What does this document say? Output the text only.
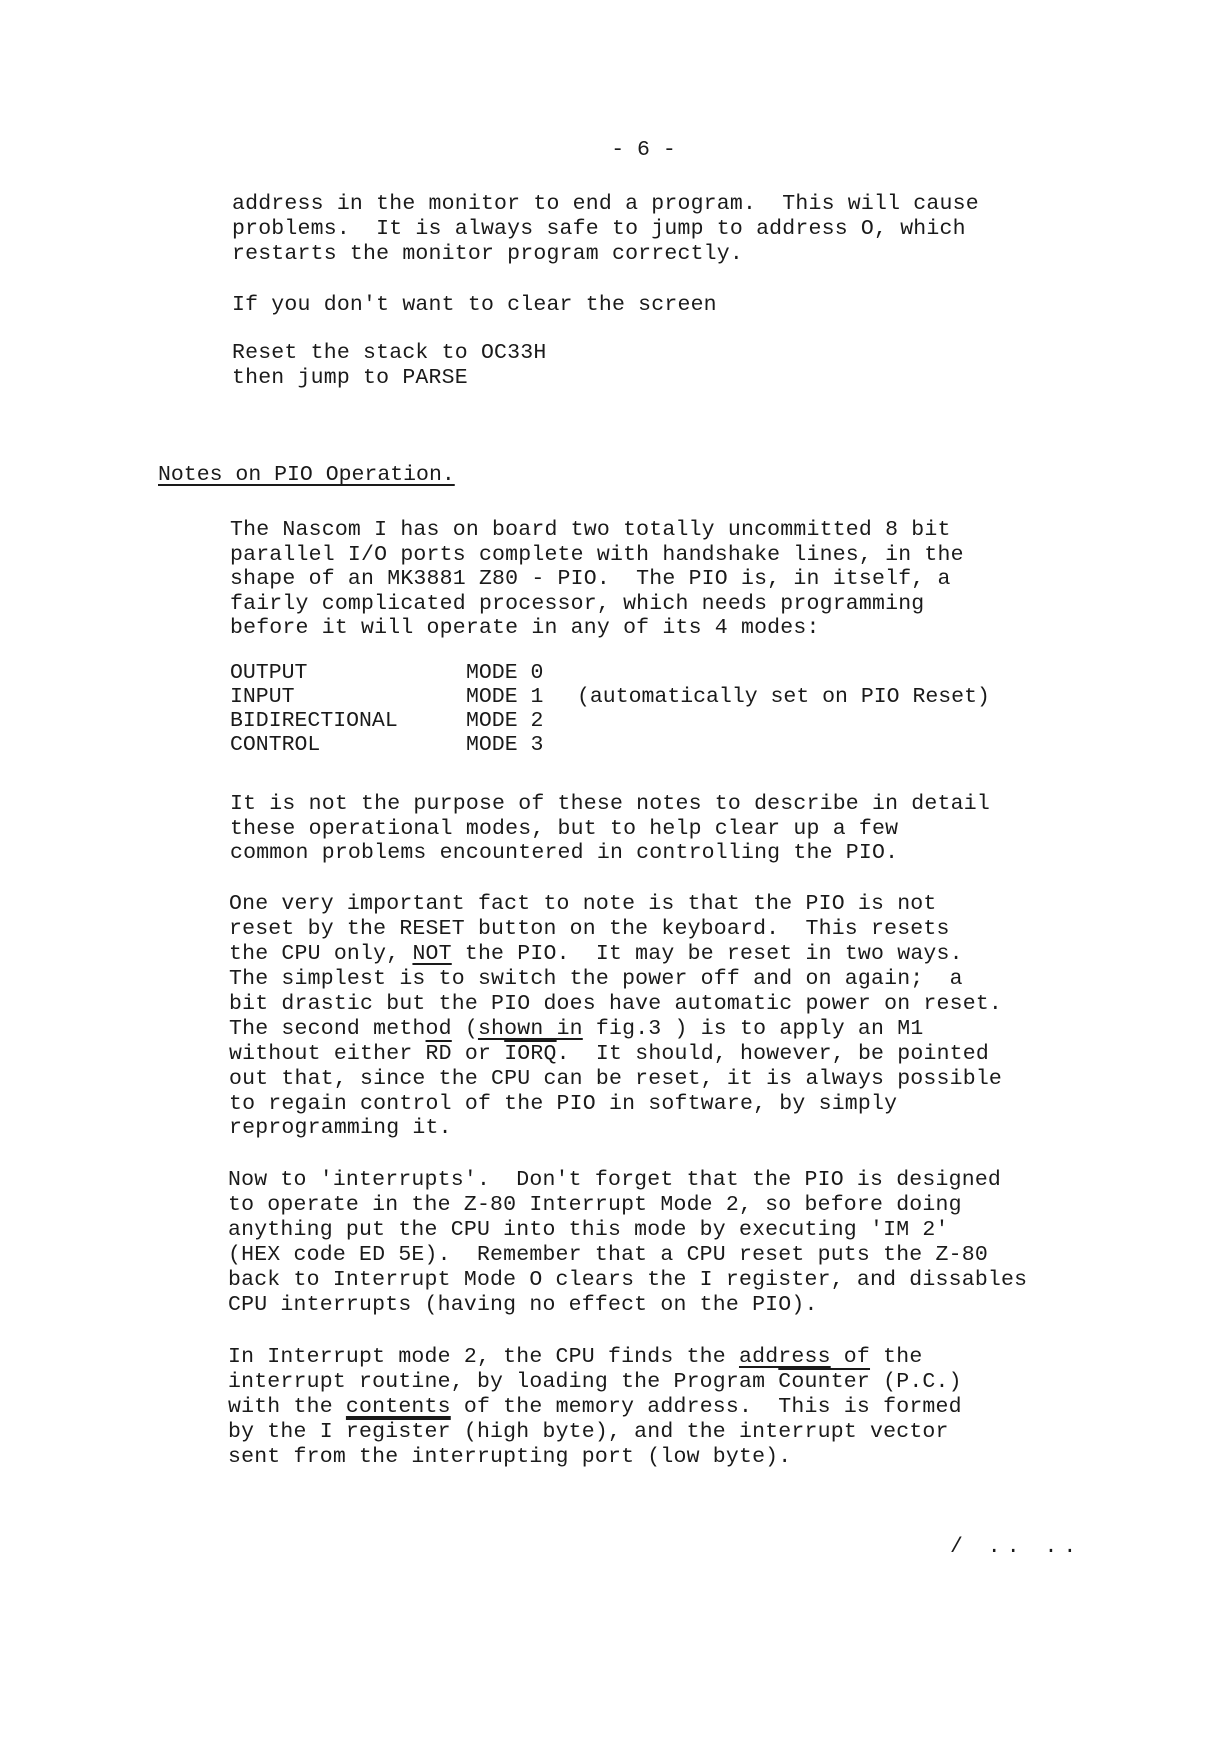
- 6 -
address in the monitor to end a program.  This will cause
problems.  It is always safe to jump to address O, which
restarts the monitor program correctly.
If you don't want to clear the screen
Reset the stack to OC33H
then jump to PARSE
Notes on PIO Operation.
The Nascom I has on board two totally uncommitted 8 bit
parallel I/O ports complete with handshake lines, in the
shape of an MK3881 Z80 - PIO.  The PIO is, in itself, a
fairly complicated processor, which needs programming
before it will operate in any of its 4 modes:
OUTPUT	MODE 0	
INPUT	MODE 1	(automatically set on PIO Reset)
BIDIRECTIONAL	MODE 2	
CONTROL	MODE 3	
It is not the purpose of these notes to describe in detail
these operational modes, but to help clear up a few
common problems encountered in controlling the PIO.
One very important fact to note is that the PIO is not
reset by the RESET button on the keyboard.  This resets
the CPU only, NOT the PIO.  It may be reset in two ways.
The simplest is to switch the power off and on again;  a
bit drastic but the PIO does have automatic power on reset.
The second method (shown in fig.3 ) is to apply an M1
without either $\overline{RD}$ or IORQ.  It should, however, be pointed
out that, since the CPU can be reset, it is always possible
to regain control of the PIO in software, by simply
reprogramming it.
Now to 'interrupts'.  Don't forget that the PIO is designed
to operate in the Z-80 Interrupt Mode 2, so before doing
anything put the CPU into this mode by executing 'IM 2'
(HEX code ED 5E).  Remember that a CPU reset puts the Z-80
back to Interrupt Mode O clears the I register, and dissables
CPU interrupts (having no effect on the PIO).
In Interrupt mode 2, the CPU finds the address of the
interrupt routine, by loading the Program Counter (P.C.)
with the contents of the memory address.  This is formed
by the I register (high byte), and the interrupt vector
sent from the interrupting port (low byte).
/ .. ..
